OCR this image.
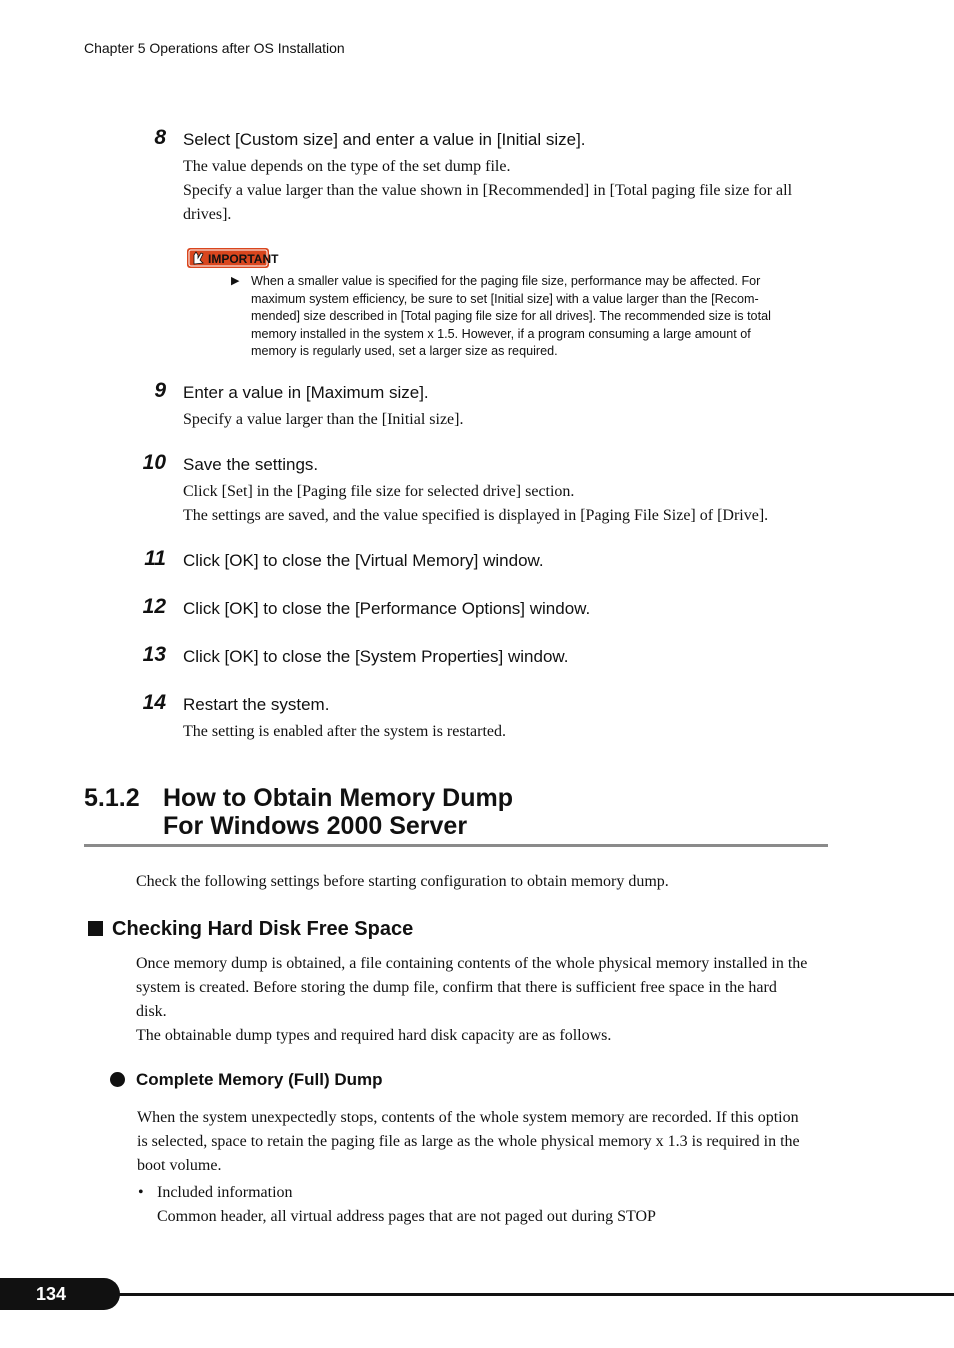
Chapter 5 Operations after OS Installation
8 Select [Custom size] and enter a value in [Initial size].
The value depends on the type of the set dump file.
Specify a value larger than the value shown in [Recommended] in [Total paging file size for all
drives].
IMPORTANT
▶ When a smaller value is specified for the paging file size, performance may be affected. For
maximum system efficiency, be sure to set [Initial size] with a value larger than the [Recom-
mended] size described in [Total paging file size for all drives]. The recommended size is total
memory installed in the system x 1.5. However, if a program consuming a large amount of
memory is regularly used, set a larger size as required.
9 Enter a value in [Maximum size].
Specify a value larger than the [Initial size].
10 Save the settings.
Click [Set] in the [Paging file size for selected drive] section.
The settings are saved, and the value specified is displayed in [Paging File Size] of [Drive].
11 Click [OK] to close the [Virtual Memory] window.
12 Click [OK] to close the [Performance Options] window.
13 Click [OK] to close the [System Properties] window.
14 Restart the system.
The setting is enabled after the system is restarted.
5.1.2 How to Obtain Memory Dump
For Windows 2000 Server
Check the following settings before starting configuration to obtain memory dump.
Checking Hard Disk Free Space
Once memory dump is obtained, a file containing contents of the whole physical memory installed in the
system is created. Before storing the dump file, confirm that there is sufficient free space in the hard
disk.
The obtainable dump types and required hard disk capacity are as follows.
Complete Memory (Full) Dump
When the system unexpectedly stops, contents of the whole system memory are recorded. If this option
is selected, space to retain the paging file as large as the whole physical memory x 1.3 is required in the
boot volume.
• Included information
Common header, all virtual address pages that are not paged out during STOP
134
